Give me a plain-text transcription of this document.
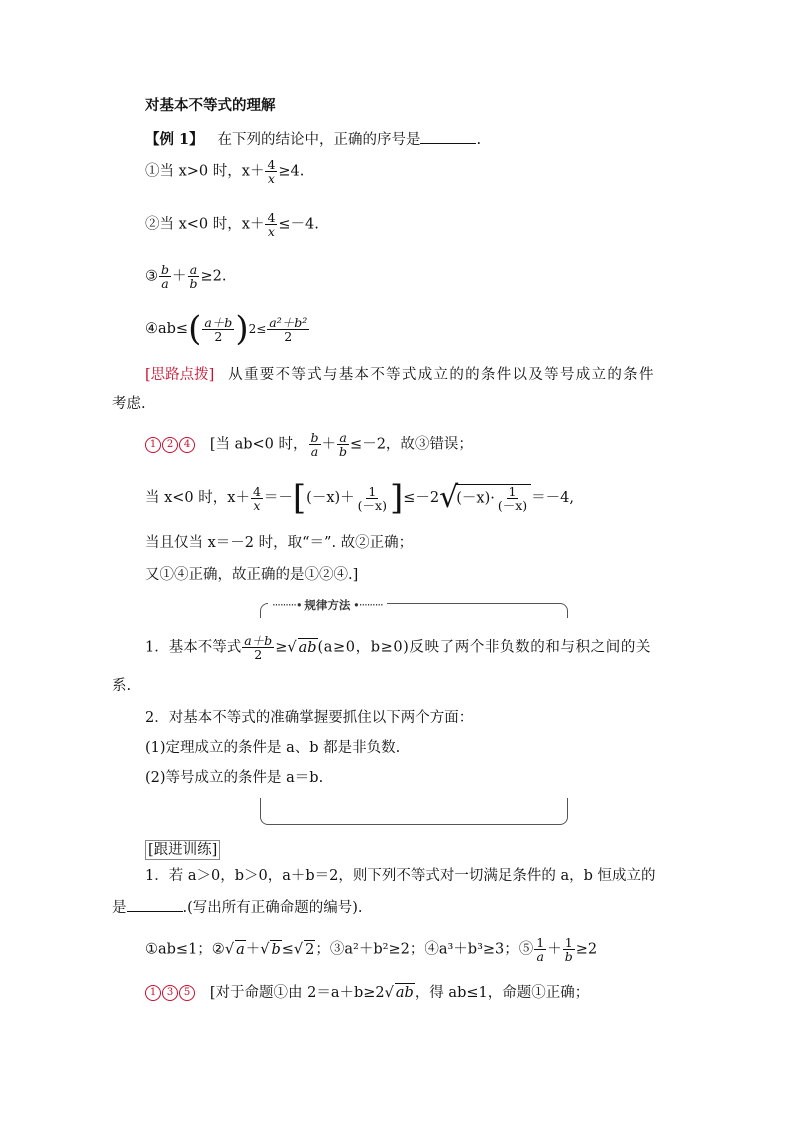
对基本不等式的理解
【例 1】 在下列的结论中，正确的序号是	.
①当 x>0 时，$x+ \frac{4}{x} \ge 4$.
②当 x<0 时，$x+ \frac{4}{x} \le-4$.
③ $\frac{b}{a} + \frac{a}{b} \ge 2$.
④ab≤( $\frac{a+b}{2} )2\le \frac{\text{a²＋b²}}{2}$
[思路点拨] 从重要不等式与基本不等式成立的的条件以及等号成立的条件
考虑.
1 2 4 [当 ab<0 时， $\frac{b}{a} + \frac{a}{b} \le-2$，故③错误；
当 x<0 时，$x+ \frac{4}{x} =-[(-x)+ \frac{1}{(-x)} ]\le-2√(-x)\cdot \frac{1}{(-x)} =-4$,
当且仅当 x＝－2 时，取“＝”. 故②正确；
又①④正确，故正确的是①②④.]
·········• 规律方法 •·········
1．基本不等式 $\frac{a+b}{2}$ ≥√ ab(a≥0，b≥0)反映了两个非负数的和与积之间的关
系.
2．对基本不等式的准确掌握要抓住以下两个方面：
(1)定理成立的条件是 a、b 都是非负数.
(2)等号成立的条件是 a＝b.
[跟进训练]
1．若 a＞0，b＞0，a＋b＝2，则下列不等式对一切满足条件的 a，b 恒成立的
是	.(写出所有正确命题的编号).
①ab≤1；②√ a＋√ b≤√ 2；③a²＋b²≥2；④a³＋b³≥3；⑤ $\frac{1}{a} + \frac{1}{b} \ge 2$
1 3 5 [对于命题①由 2＝a＋b≥2√ ab，得 ab≤1，命题①正确；
